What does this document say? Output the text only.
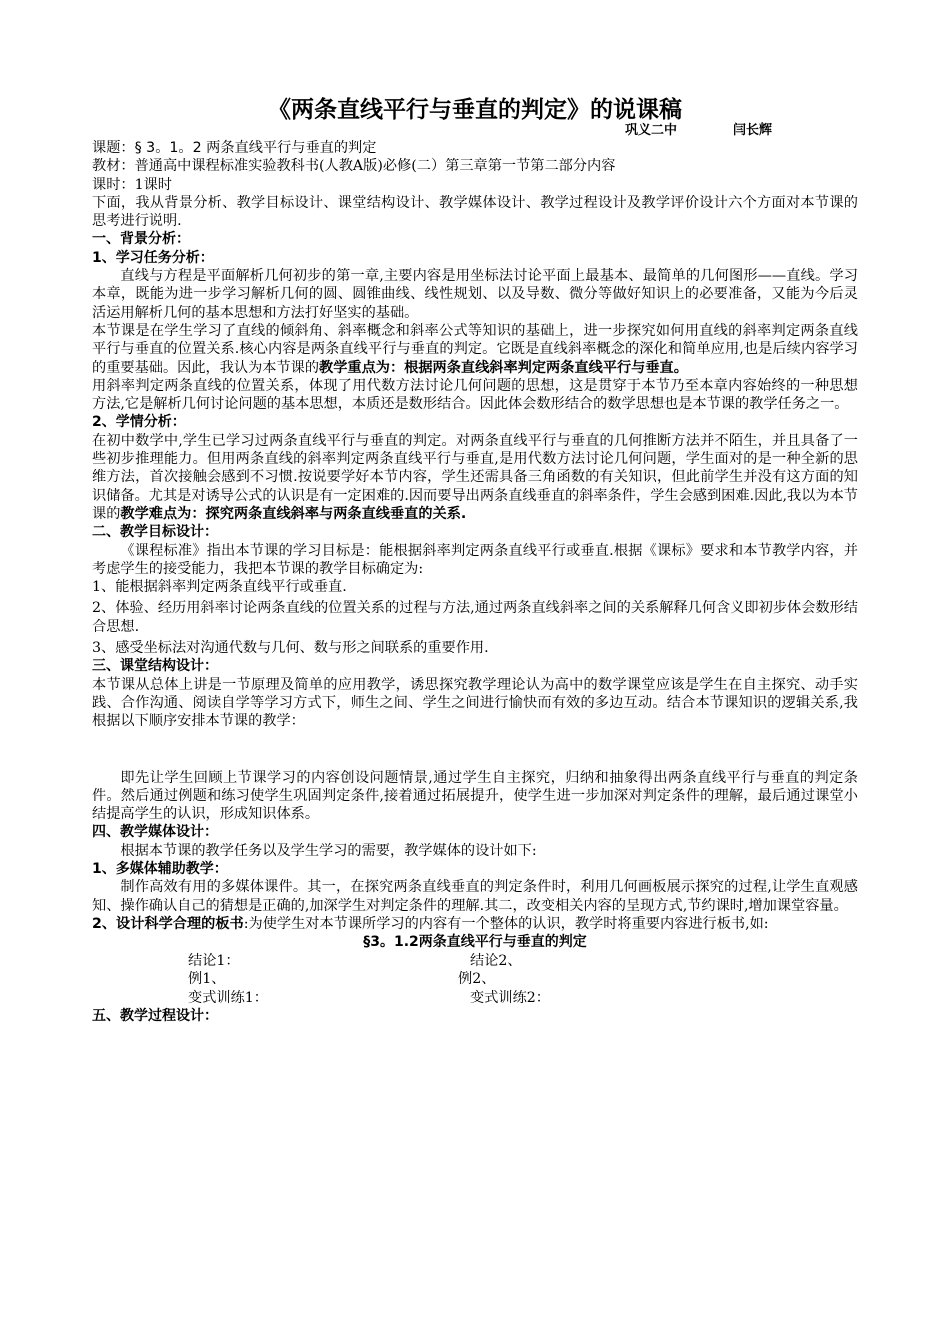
《两条直线平行与垂直的判定》的说课稿
巩义二中	闫长辉

课题：§ 3。1。2 两条直线平行与垂直的判定

教材：普通高中课程标准实验教科书(人教A版)必修(二）第三章第一节第二部分内容

课时：1课时

下面，我从背景分析、教学目标设计、课堂结构设计、教学媒体设计、教学过程设计及教学评价设计六个方面对本节课的思考进行说明.

一、背景分析：
1、学习任务分析：

直线与方程是平面解析几何初步的第一章,主要内容是用坐标法讨论平面上最基本、最简单的几何图形——直线。学习本章，既能为进一步学习解析几何的圆、圆锥曲线、线性规划、以及导数、微分等做好知识上的必要准备，又能为今后灵活运用解析几何的基本思想和方法打好坚实的基础。

本节课是在学生学习了直线的倾斜角、斜率概念和斜率公式等知识的基础上，进一步探究如何用直线的斜率判定两条直线平行与垂直的位置关系.核心内容是两条直线平行与垂直的判定。它既是直线斜率概念的深化和简单应用,也是后续内容学习的重要基础。因此，我认为本节课的教学重点为：根据两条直线斜率判定两条直线平行与垂直。

用斜率判定两条直线的位置关系，体现了用代数方法讨论几何问题的思想，这是贯穿于本节乃至本章内容始终的一种思想方法,它是解析几何讨论问题的基本思想，本质还是数形结合。因此体会数形结合的数学思想也是本节课的教学任务之一。

2、学情分析：

在初中数学中,学生已学习过两条直线平行与垂直的判定。对两条直线平行与垂直的几何推断方法并不陌生，并且具备了一些初步推理能力。但用两条直线的斜率判定两条直线平行与垂直,是用代数方法讨论几何问题，学生面对的是一种全新的思维方法，首次接触会感到不习惯.按说要学好本节内容，学生还需具备三角函数的有关知识，但此前学生并没有这方面的知识储备。尤其是对诱导公式的认识是有一定困难的.因而要导出两条直线垂直的斜率条件，学生会感到困难.因此,我以为本节课的教学难点为：探究两条直线斜率与两条直线垂直的关系.

二、教学目标设计：

《课程标准》指出本节课的学习目标是：能根据斜率判定两条直线平行或垂直.根据《课标》要求和本节教学内容，并考虑学生的接受能力，我把本节课的教学目标确定为:

1、能根据斜率判定两条直线平行或垂直.

2、体验、经历用斜率讨论两条直线的位置关系的过程与方法,通过两条直线斜率之间的关系解释几何含义即初步体会数形结合思想.

3、感受坐标法对沟通代数与几何、数与形之间联系的重要作用.

三、课堂结构设计：

本节课从总体上讲是一节原理及简单的应用教学，诱思探究教学理论认为高中的数学课堂应该是学生在自主探究、动手实践、合作沟通、阅读自学等学习方式下，师生之间、学生之间进行愉快而有效的多边互动。结合本节课知识的逻辑关系,我根据以下顺序安排本节课的教学：

即先让学生回顾上节课学习的内容创设问题情景,通过学生自主探究，归纳和抽象得出两条直线平行与垂直的判定条件。然后通过例题和练习使学生巩固判定条件,接着通过拓展提升，使学生进一步加深对判定条件的理解，最后通过课堂小结提高学生的认识，形成知识体系。

四、教学媒体设计：

根据本节课的教学任务以及学生学习的需要，教学媒体的设计如下:

1、多媒体辅助教学：

制作高效有用的多媒体课件。其一，在探究两条直线垂直的判定条件时，利用几何画板展示探究的过程,让学生直观感知、操作确认自己的猜想是正确的,加深学生对判定条件的理解.其二，改变相关内容的呈现方式,节约课时,增加课堂容量。

2、设计科学合理的板书:为使学生对本节课所学习的内容有一个整体的认识，教学时将重要内容进行板书,如:

§3。1.2两条直线平行与垂直的判定
结论1：	结论2、
例1、	例2、
变式训练1：	变式训练2：
五、教学过程设计：
